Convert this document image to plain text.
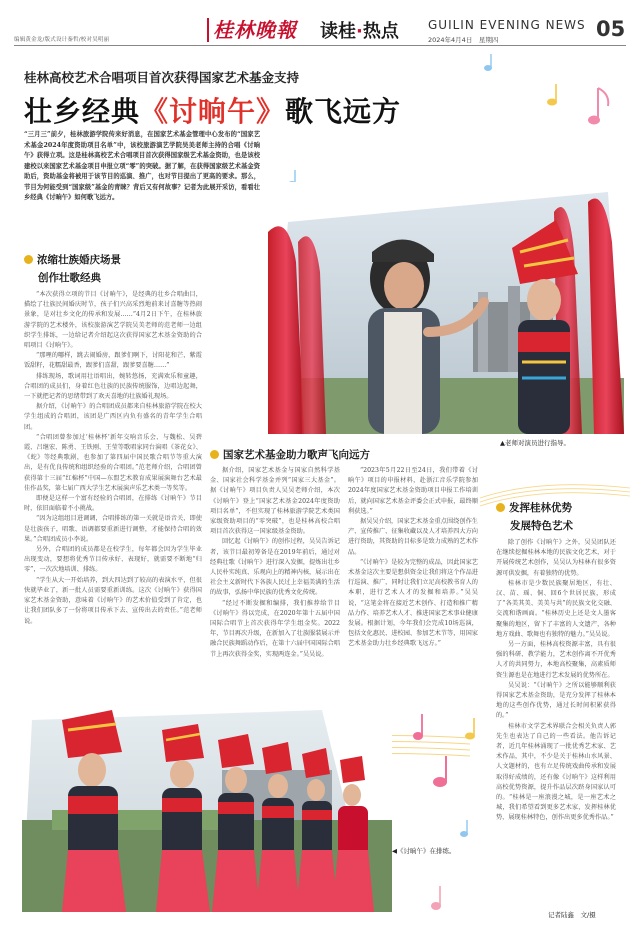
编辑黄金龙/版式设计秦哲/校对吴明丽	桂林晚報 读桂·热点 GUILIN EVENING NEWS
2024年4月4日　星期四	05
桂林高校艺术合唱项目首次获得国家艺术基金支持
壮乡经典《讨晌午》歌飞远方
“三月三”前夕，桂林旅游学院传来好消息，在国家艺术基金管理中心发布的“国家艺术基金2024年度资助项目名单”中，该校旅游演艺学院吴美老师主持的合唱《讨晌午》获得立项。这是桂林高校艺术合唱项目首次获得国家级艺术基金资助，也是该校建校以来国家艺术基金项目申报立项“零”的突破。据了解，在获得国家级艺术基金资助后，资助基金将被用于该节目的巡演、推广，也对节目提出了更高的要求。那么，节目为何能受到“国家级”基金的青睐？背后又有何故事？记者为此展开采访，看看壮乡经典《讨晌午》如何歌飞远方。
▲老师对演员进行指导。
浓缩壮族婚庆场景
创作壮歌经典

“本次获得立项的节目《讨晌午》，是经典的壮乡合唱曲目，描绘了壮族民间婚庆时节，孩子们兴高采烈地前来讨喜糖等热闹景象，是对壮乡文化的传承和发展……”4月2日下午，在桂林旅游学院的艺术楼外，该校旅游演艺学院吴美老师的范老师一边组织学生排练，一边给记者介绍起这次获得国家艺术基金资助的合唱项目《讨晌午》。

“那哩的哪样，跳去闹婚房，跟爹们啊下，讨阳花和芒，紫霞饭甜籽，花糯甜最香，跟爹们喜甜，跟爹要喜糖……”

排练现场，歌词用壮语唱出，婉转悠扬，充满欢乐和童趣，合唱团的成员们，身着红色壮族的民族传统服饰，边唱边起舞，一下就把记者的思绪带到了欢天喜地的壮族婚礼现场。

据介绍，《讨晌午》的合唱团成员都来自桂林旅游学院在校大学生组成的合唱团，该团是广西区内负有盛名的青年学生合唱团。

“合唱团曾参加过‘桂林杯’新年交响音乐会、与魏松、吴碧霞、吕继宏、陈勇、王铁刚、王莹等歌唱家同台演唱《茶花女》、《蛇》等经典歌剧，也参加了第四届中国民歌合唱节等重大演出，是有优良传统和组织经验的合唱团。”范老师介绍，合唱团曾获得第十三届“红棉杯”中国—东盟艺术教育成果展演舞台艺术最佳作品奖，第七届广西大学生艺术展演声乐艺术类一等奖等。

即便是这样一个富有经验的合唱团，在排练《讨晌午》节目时，依旧面临着不小挑战。

“因为这组组目进调调，合唱排练的第一关就是语音关，即使是壮族孩子，唱歌、语调都要重新进行调整，才能保持合唱的效果。”合唱团成员小李说。

另外，合唱团的成员都是在校学生，每年都会因为学生毕业出现变动，要想将优秀节目传承好、表现好，就需要不断地“归零”，一次次地培训、排练。

“学生从大一开始培养，到大四达到了较高的表演水平，但很快就毕业了，新一批人员需要重新训练。这次《讨晌午》获得国家艺术基金资助，意味着《讨晌午》的艺术价值受到了肯定，也让我们团队多了一份将项目传承下去、宣传出去的责任。”范老师说。

国家艺术基金助力歌声飞向远方

据介绍，国家艺术基金与国家自然科学基金、国家社会科学基金并列“国家三大基金”。据《讨晌午》项目负责人吴吴老师介绍，本次《讨晌午》登上“国家艺术基金2024年度资助项目名单”，不但实现了桂林旅游学院艺术类国家级资助项目的“零突破”，也是桂林高校合唱项目首次获得这一国家级基金资助。

回忆起《讨晌午》的创作过程，吴吴告诉记者，该节目最初筹备是在2019年前后，通过对经典壮歌《讨晌午》进行深入发掘，提炼出壮乡人民朴实纯真、乐观向上的精神内核，展示出在社会主义新时代下各族人民过上幸福美满的生活的故事，弘扬中华民族的优秀文化传统。

“经过不断发掘和编排，我们推荐给节目《讨晌午》得以完成，在2020年第十五届中国国际合唱节上首次获得年学生组金奖。2022年，节目再次升级，在新加入了壮族服装展示并融合民族舞蹈动作后，在第十六届中国国际合唱节上再次获得金奖，实现两连金。”吴吴说。

“2023年5月22日至24日，我们带着《讨晌午》项目的申报材料，赴浙江音乐学院参加2024年度国家艺术基金资助项目申报工作培训后，就向国家艺术基金评委会正式申报，最终顺利获选。”

据吴吴介绍，国家艺术基金重点围绕创作生产、宣传推广、征集收藏以及人才培养四大方向进行资助，其资助的目标多是致力成熟的艺术作品。

“《讨晌午》是较为完整的成品，因此国家艺术基金这次主要是想供资金让我们将这个作品进行巡演、推广，同时让我们立足高校教书育人的本职，进行艺术人才的发掘和培养。”吴吴说，“这笔金将在接近艺术创作、打造和推广精品力作、培养艺术人才、推进国家艺术事业健康发展。根据计划，今年我们会完成10场巡演，包括文化惠民、进校园、参加艺术节等，用国家艺术基金助力壮乡经典歌飞远方。”

发挥桂林优势
发展特色艺术

除了创作《讨晌午》之外，吴吴团队还在继续挖掘桂林本地的民族文化艺术，对于开展传统艺术创作，吴吴认为桂林有很多资源可供发掘，有着独特的优势。

桂林市是少数民族聚居地区，有壮、汉、苗、瑶、侗、回6个世居民族，形成了“各美其美、美美与共”的民族文化交融、交流和谐画面。“桂林历史上还是文人墨客聚集的地区，留下了丰富的人文遗产，各种地方戏曲、歌舞也有独特的魅力。”吴吴说。

另一方面，桂林高校资源丰富，具有很强的科研、教学能力，艺术创作离不开优秀人才的共同努力，本地高校聚集，高素质师资生源也是在地进行艺术发展的优势所在。

吴吴说：“《讨晌午》之所以能够顺利获得国家艺术基金资助，是充分发挥了桂林本地的这些创作优势，通过长时间积累获得的。”

桂林市文学艺术界联合会相关负责人郭先生也表达了自己的一些看法。他告诉记者，近几年桂林涌现了一批优秀艺术家、艺术作品，其中，不少是关于桂林山水风景、人文题材的，也有立足传统戏曲传承和发展取得好成绩的，还有像《讨晌午》这样利用高校优势资源，提升作品层次跻身国家认可的。“桂林是一座浪漫之城，是一座艺术之城，我们希望看到更多艺术家，发挥桂林优势，展现桂林特色，创作出更多优秀作品。”

记者陆鑫　文/摄
◀《讨晌午》在排练。
